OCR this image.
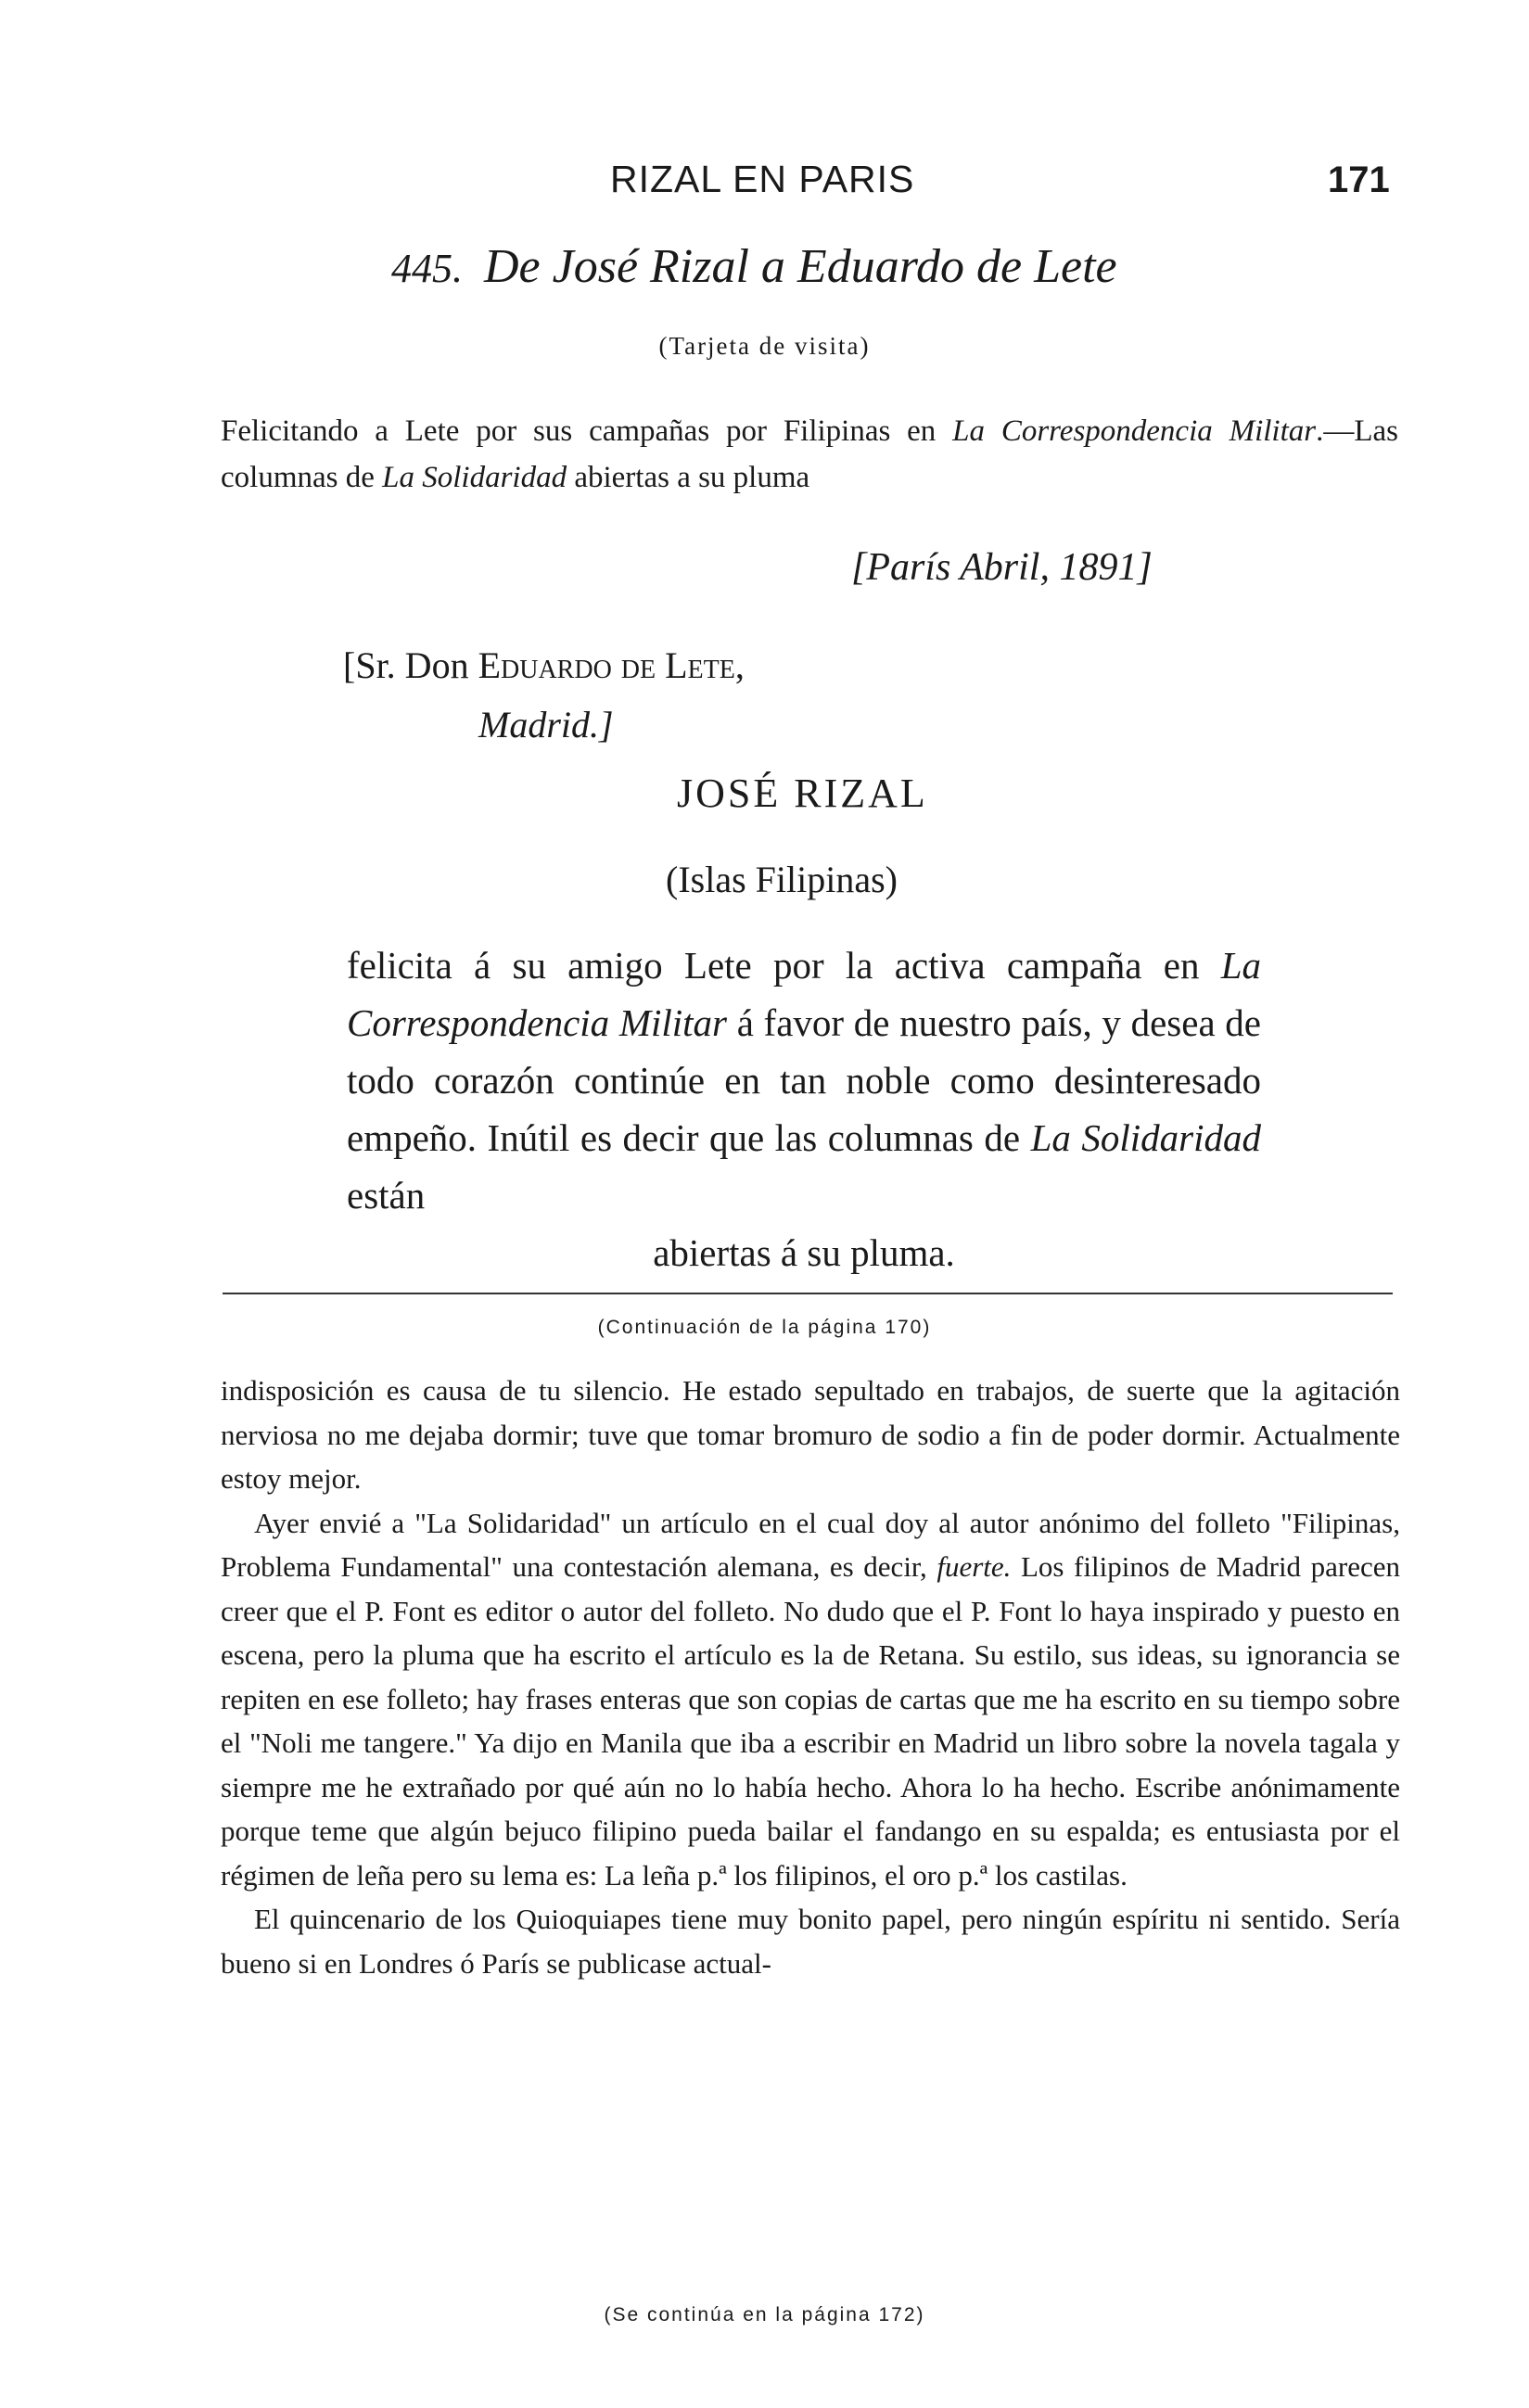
RIZAL EN PARIS	171
445. De José Rizal a Eduardo de Lete
(Tarjeta de visita)
Felicitando a Lete por sus campañas por Filipinas en La Correspondencia Militar.—Las columnas de La Solidaridad abiertas a su pluma
[París Abril, 1891]
[Sr. Don Eduardo de Lete,
Madrid.]
JOSÉ RIZAL
(Islas Filipinas)
felicita á su amigo Lete por la activa campaña en La Correspondencia Militar á favor de nuestro país, y desea de todo corazón continúe en tan noble como desinteresado empeño. Inútil es decir que las columnas de La Solidaridad están
abiertas á su pluma.
(Continuación de la página 170)

indisposición es causa de tu silencio. He estado sepultado en trabajos, de suerte que la agitación nerviosa no me dejaba dormir; tuve que tomar bromuro de sodio a fin de poder dormir. Actualmente estoy mejor.

Ayer envié a "La Solidaridad" un artículo en el cual doy al autor anónimo del folleto "Filipinas, Problema Fundamental" una contestación alemana, es decir, fuerte. Los filipinos de Madrid parecen creer que el P. Font es editor o autor del folleto. No dudo que el P. Font lo haya inspirado y puesto en escena, pero la pluma que ha escrito el artículo es la de Retana. Su estilo, sus ideas, su ignorancia se repiten en ese folleto; hay frases enteras que son copias de cartas que me ha escrito en su tiempo sobre el "Noli me tangere." Ya dijo en Manila que iba a escribir en Madrid un libro sobre la novela tagala y siempre me he extrañado por qué aún no lo había hecho. Ahora lo ha hecho. Escribe anónimamente porque teme que algún bejuco filipino pueda bailar el fandango en su espalda; es entusiasta por el régimen de leña pero su lema es: La leña p.ª los filipinos, el oro p.ª los castilas.

El quincenario de los Quioquiapes tiene muy bonito papel, pero ningún espíritu ni sentido. Sería bueno si en Londres ó París se publicase actual-

(Se continúa en la página 172)
